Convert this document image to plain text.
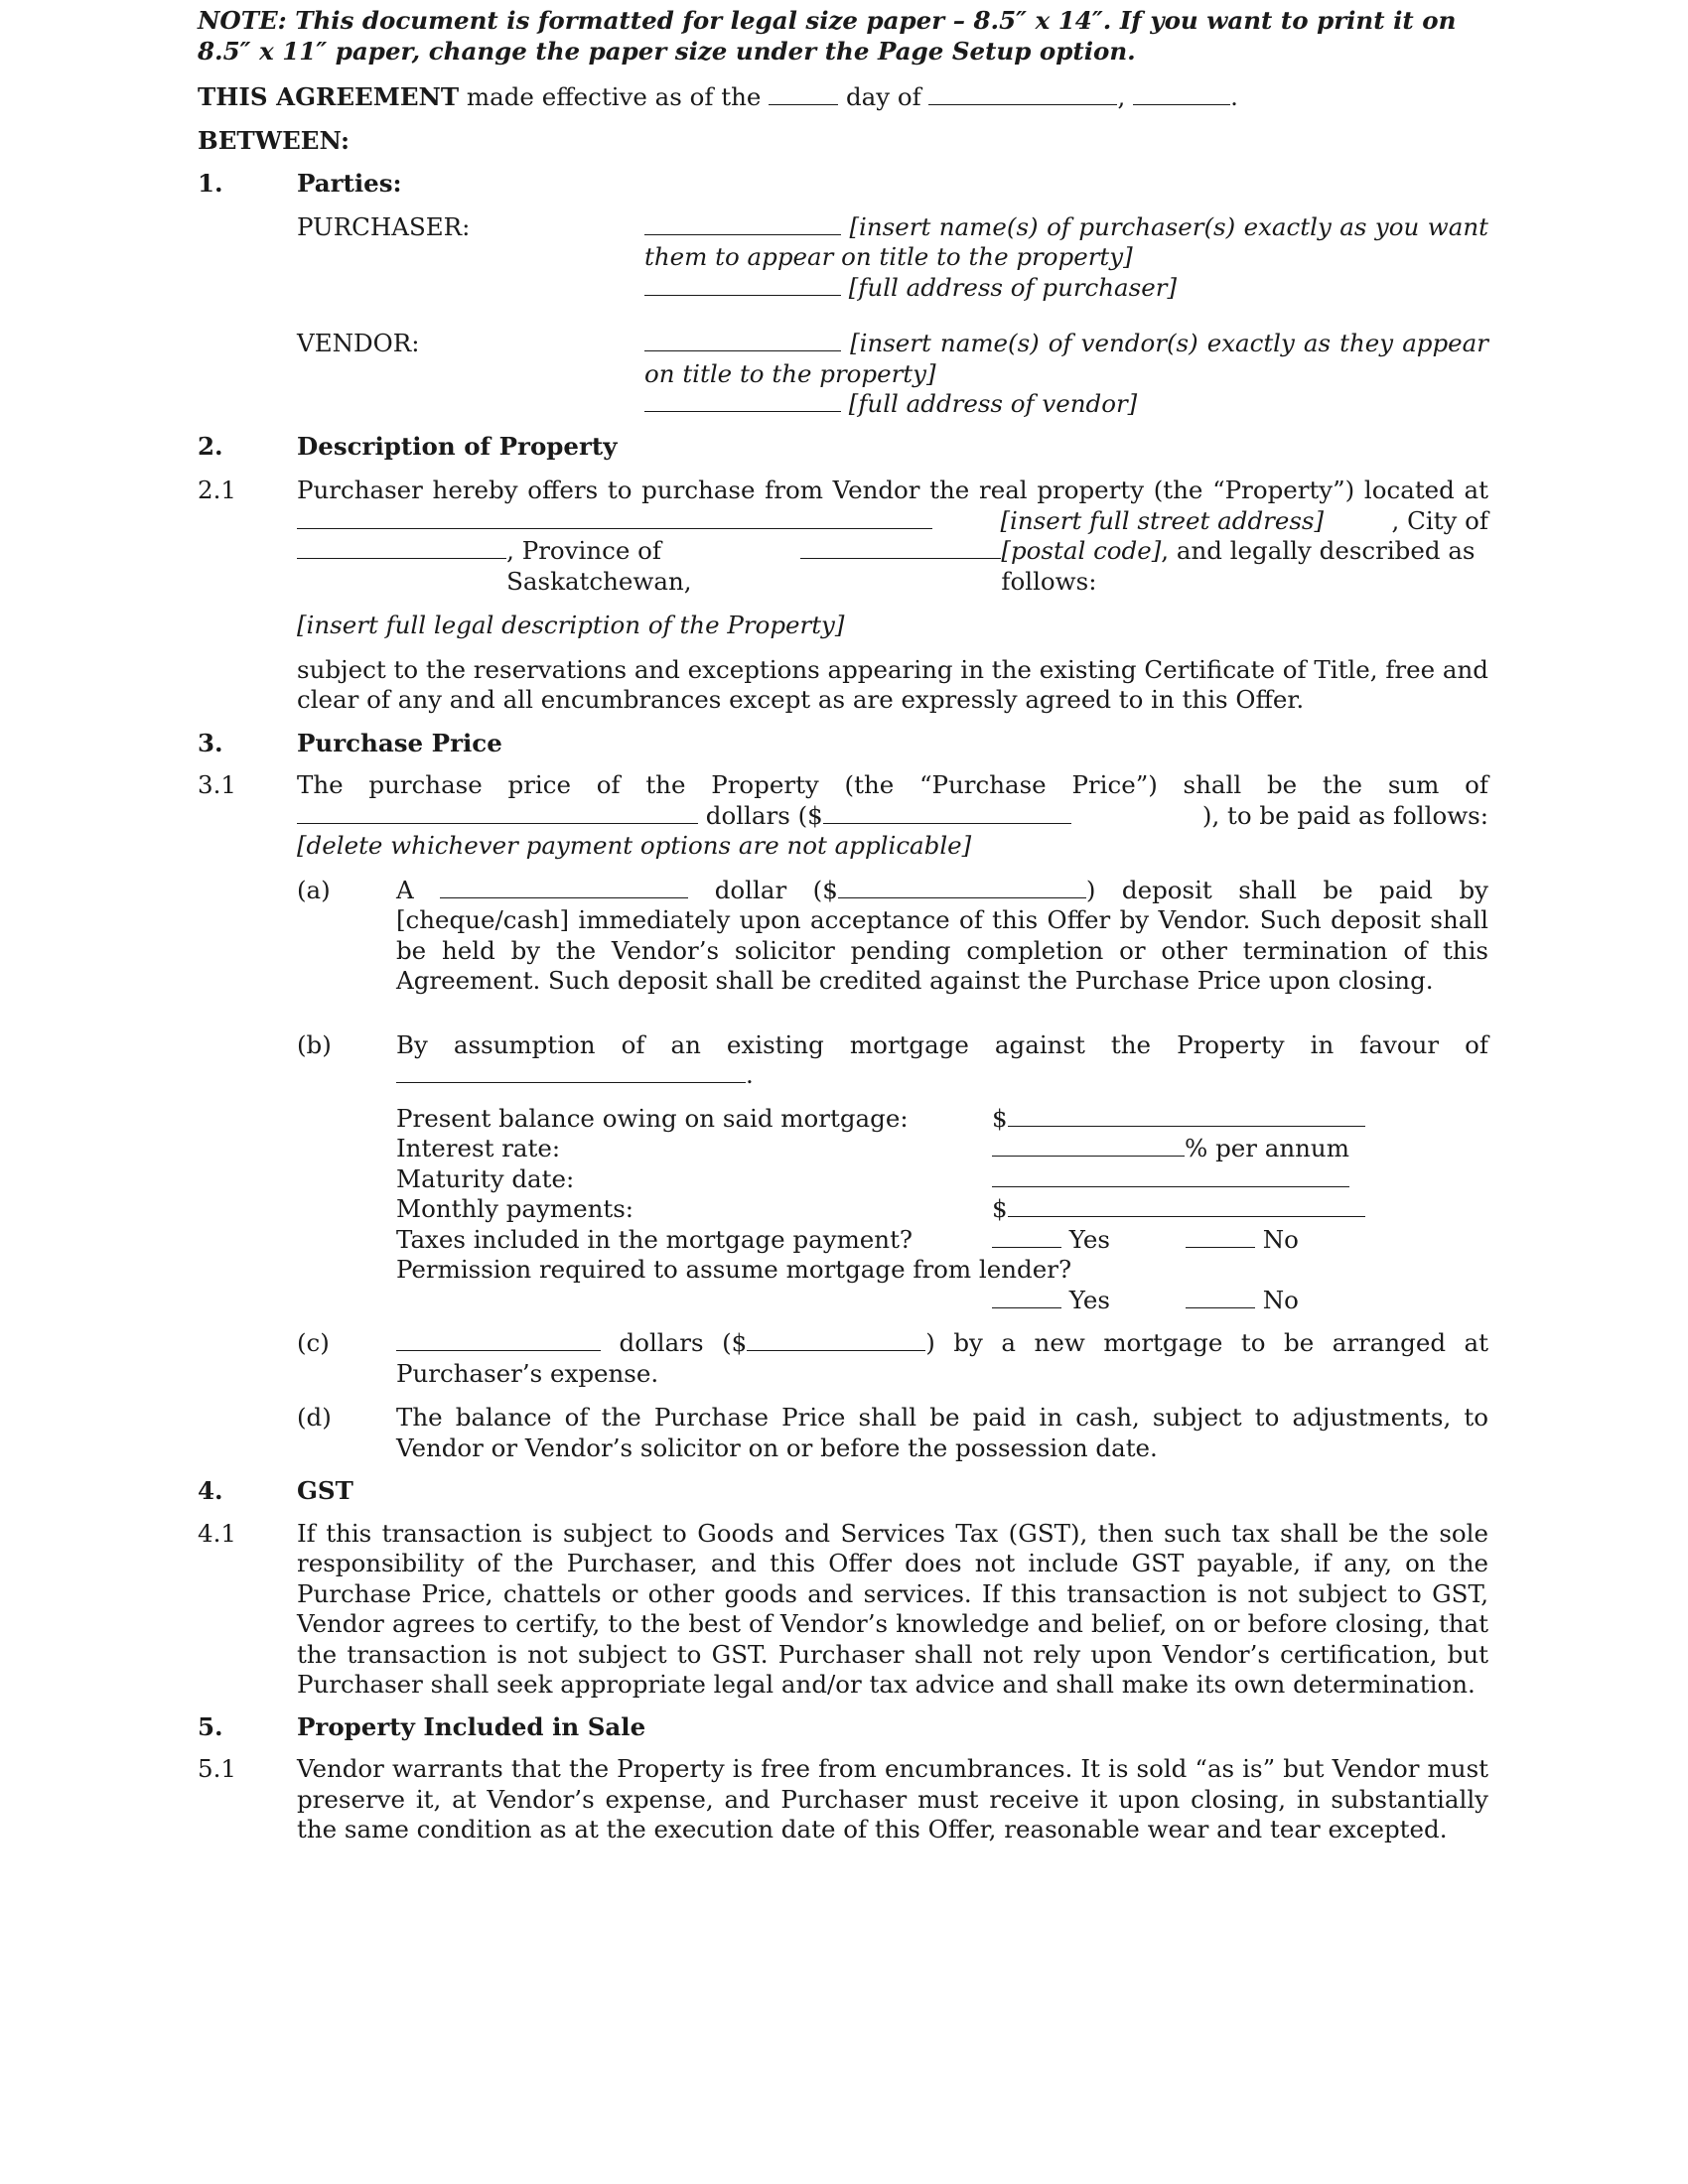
NOTE: This document is formatted for legal size paper – 8.5″ x 14″. If you want to print it on 8.5″ x 11″ paper, change the paper size under the Page Setup option.

THIS AGREEMENT made effective as of the	day of	,	.

BETWEEN:

1.	Parties:
PURCHASER:	[insert name(s) of purchaser(s) exactly as you want them to appear on title to the property]
[full address of purchaser]
VENDOR:	[insert name(s) of vendor(s) exactly as they appear on title to the property]
[full address of vendor]
2.	Description of Property
2.1	Purchaser hereby offers to purchase from Vendor the real property (the “Property”) located at
[insert full street address]	, City of
, Province of Saskatchewan,
[postal code], and legally described as follows:

[insert full legal description of the Property]

subject to the reservations and exceptions appearing in the existing Certificate of Title, free and clear of any and all encumbrances except as are expressly agreed to in this Offer.

3.	Purchase Price
3.1	The purchase price of the Property (the “Purchase Price”) shall be the sum of
dollars ($	), to be paid as follows:
[delete whichever payment options are not applicable]
(a)	A	dollar ($	) deposit shall be paid by [cheque/cash] immediately upon acceptance of this Offer by Vendor. Such deposit shall be held by the Vendor’s solicitor pending completion or other termination of this Agreement. Such deposit shall be credited against the Purchase Price upon closing.
(b)	By assumption of an existing mortgage against the Property in favour of
.
Present balance owing on said mortgage:	$
Interest rate:	% per annum
Maturity date:
Monthly payments:	$
Taxes included in the mortgage payment?	Yes	No
Permission required to assume mortgage from lender?
Yes	No
(c)	dollars ($	) by a new mortgage to be arranged at Purchaser’s expense.
(d)	The balance of the Purchase Price shall be paid in cash, subject to adjustments, to Vendor or Vendor’s solicitor on or before the possession date.
4.	GST
4.1	If this transaction is subject to Goods and Services Tax (GST), then such tax shall be the sole responsibility of the Purchaser, and this Offer does not include GST payable, if any, on the Purchase Price, chattels or other goods and services. If this transaction is not subject to GST, Vendor agrees to certify, to the best of Vendor’s knowledge and belief, on or before closing, that the transaction is not subject to GST. Purchaser shall not rely upon Vendor’s certification, but Purchaser shall seek appropriate legal and/or tax advice and shall make its own determination.
5.	Property Included in Sale
5.1	Vendor warrants that the Property is free from encumbrances. It is sold “as is” but Vendor must preserve it, at Vendor’s expense, and Purchaser must receive it upon closing, in substantially the same condition as at the execution date of this Offer, reasonable wear and tear excepted.
